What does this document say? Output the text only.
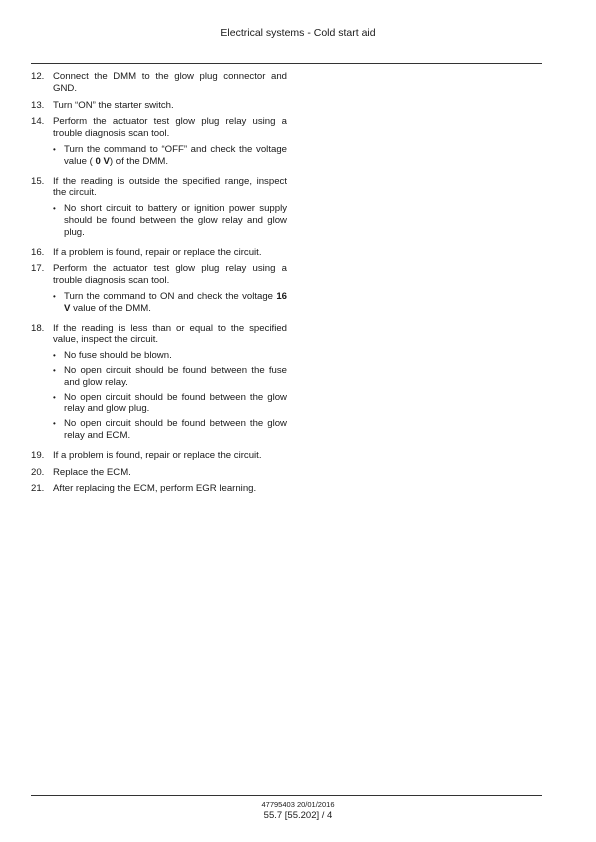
Electrical systems - Cold start aid
12. Connect the DMM to the glow plug connector and GND.
13. Turn “ON” the starter switch.
14. Perform the actuator test glow plug relay using a trouble diagnosis scan tool.
• Turn the command to “OFF” and check the voltage value ( 0 V) of the DMM.
15. If the reading is outside the specified range, inspect the circuit.
• No short circuit to battery or ignition power supply should be found between the glow relay and glow plug.
16. If a problem is found, repair or replace the circuit.
17. Perform the actuator test glow plug relay using a trouble diagnosis scan tool.
• Turn the command to ON and check the voltage 16 V value of the DMM.
18. If the reading is less than or equal to the specified value, inspect the circuit.
• No fuse should be blown.
• No open circuit should be found between the fuse and glow relay.
• No open circuit should be found between the glow relay and glow plug.
• No open circuit should be found between the glow relay and ECM.
19. If a problem is found, repair or replace the circuit.
20. Replace the ECM.
21. After replacing the ECM, perform EGR learning.
47795403 20/01/2016
55.7 [55.202] / 4
